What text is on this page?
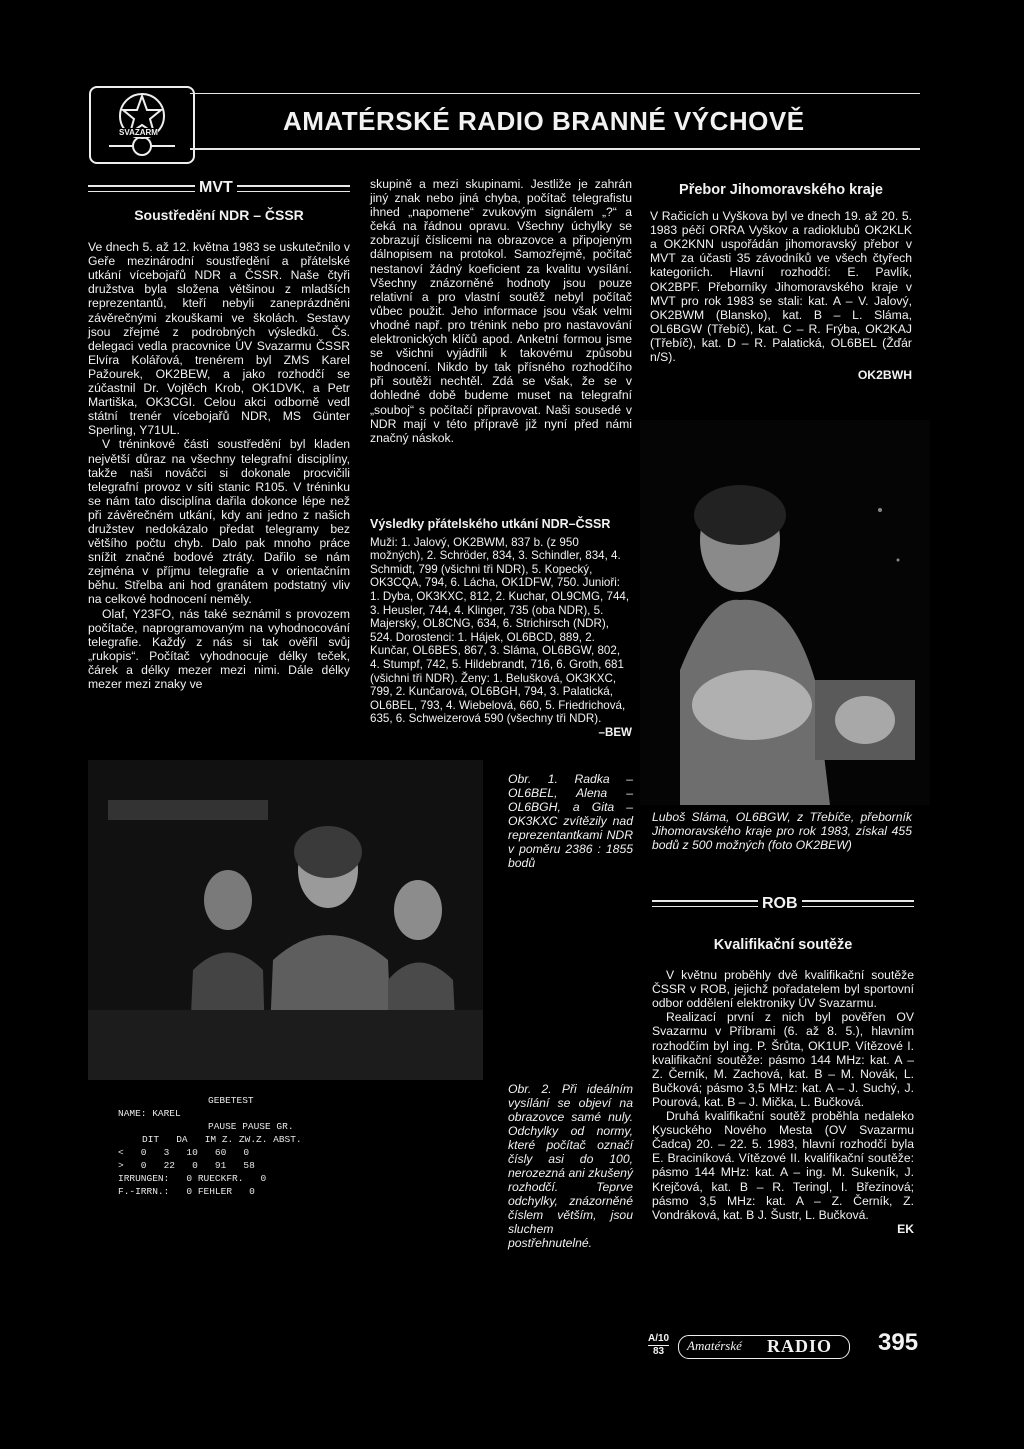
SVAZARM	AMATÉRSKÉ RADIO BRANNÉ VÝCHOVĚ
MVT

Soustředění NDR – ČSSR

Ve dnech 5. až 12. května 1983 se uskutečnilo v Geře mezinárodní soustředění a přátelské utkání vícebojařů NDR a ČSSR. Naše čtyři družstva byla složena většinou z mladších reprezentantů, kteří nebyli zaneprázdněni závěrečnými zkouškami ve školách. Sestavy jsou zřejmé z podrobných výsledků. Čs. delegaci vedla pracovnice ÚV Svazarmu ČSSR Elvíra Kolářová, trenérem byl ZMS Karel Pažourek, OK2BEW, a jako rozhodčí se zúčastnil Dr. Vojtěch Krob, OK1DVK, a Petr Martiška, OK3CGI. Celou akci odborně vedl státní trenér vícebojařů NDR, MS Günter Sperling, Y71UL.

V tréninkové části soustředění byl kladen největší důraz na všechny telegrafní disciplíny, takže naši nováčci si dokonale procvičili telegrafní provoz v síti stanic R105. V tréninku se nám tato disciplína dařila dokonce lépe než při závěrečném utkání, kdy ani jedno z našich družstev nedokázalo předat telegramy bez většího počtu chyb. Dalo pak mnoho práce snížit značné bodové ztráty. Dařilo se nám zejména v příjmu telegrafie a v orientačním běhu. Střelba ani hod granátem podstatný vliv na celkové hodnocení neměly.

Olaf, Y23FO, nás také seznámil s provozem počítače, naprogramovaným na vyhodnocování telegrafie. Každý z nás si tak ověřil svůj „rukopis“. Počítač vyhodnocuje délky teček, čárek a délky mezer mezi nimi. Dále délky mezer mezi znaky ve

skupině a mezi skupinami. Jestliže je zahrán jiný znak nebo jiná chyba, počítač telegrafistu ihned „napomene“ zvukovým signálem „?“ a čeká na řádnou opravu. Všechny úchylky se zobrazují číslicemi na obrazovce a připojeným dálnopisem na protokol. Samozřejmě, počítač nestanoví žádný koeficient za kvalitu vysílání. Všechny znázorněné hodnoty jsou pouze relativní a pro vlastní soutěž nebyl počítač vůbec použit. Jeho informace jsou však velmi vhodné např. pro trénink nebo pro nastavování elektronických klíčů apod. Anketní formou jsme se všichni vyjádřili k takovému způsobu hodnocení. Nikdo by tak přísného rozhodčího při soutěži nechtěl. Zdá se však, že se v dohledné době budeme muset na telegrafní „souboj“ s počítačí připravovat. Naši sousedé v NDR mají v této přípravě již nyní před námi značný náskok.

Výsledky přátelského utkání NDR–ČSSR

Muži: 1. Jalový, OK2BWM, 837 b. (z 950 možných), 2. Schröder, 834, 3. Schindler, 834, 4. Schmidt, 799 (všichni tři NDR), 5. Kopecký, OK3CQA, 794, 6. Lácha, OK1DFW, 750. Junioři: 1. Dyba, OK3KXC, 812, 2. Kuchar, OL9CMG, 744, 3. Heusler, 744, 4. Klinger, 735 (oba NDR), 5. Majerský, OL8CNG, 634, 6. Strichirsch (NDR), 524. Dorostenci: 1. Hájek, OL6BCD, 889, 2. Kunčar, OL6BES, 867, 3. Sláma, OL6BGW, 802, 4. Stumpf, 742, 5. Hildebrandt, 716, 6. Groth, 681 (všichni tři NDR). Ženy: 1. Belušková, OK3KXC, 799, 2. Kunčarová, OL6BGH, 794, 3. Palatická, OL6BEL, 793, 4. Wiebelová, 660, 5. Friedrichová, 635, 6. Schweizerová 590 (všechny tři NDR).

–BEW

Přebor Jihomoravského kraje

V Račicích u Vyškova byl ve dnech 19. až 20. 5. 1983 péčí ORRA Vyškov a radioklubů OK2KLK a OK2KNN uspořádán jihomoravský přebor v MVT za účasti 35 závodníků ve všech čtyřech kategoriích. Hlavní rozhodčí: E. Pavlík, OK2BPF. Přeborníky Jihomoravského kraje v MVT pro rok 1983 se stali: kat. A – V. Jalový, OK2BWM (Blansko), kat. B – L. Sláma, OL6BGW (Třebíč), kat. C – R. Frýba, OK2KAJ (Třebíč), kat. D – R. Palatická, OL6BEL (Žďár n/S).

OK2BWH

Luboš Sláma, OL6BGW, z Třebíče, přeborník Jihomoravského kraje pro rok 1983, získal 455 bodů z 500 možných (foto OK2BEW)
Obr. 1. Radka – OL6BEL, Alena – OL6BGH, a Gita – OK3KXC zvítězily nad reprezentantkami NDR v poměru 2386 : 1855 bodů
GEBETEST
NAME: KAREL
PAUSE PAUSE GR.
DIT   DA   IM Z. ZW.Z. ABST.
<   0   3   10   60   0
>   0   22   0   91   58
IRRUNGEN:   0 RUECKFR.   0
F.-IRRN.:   0 FEHLER   0
Obr. 2. Při ideálním vysílání se objeví na obrazovce samé nuly. Odchylky od normy, které počítač označí čísly asi do 100, nerozezná ani zkušený rozhodčí. Teprve odchylky, znázorněné číslem větším, jsou sluchem postřehnutelné.
ROB

Kvalifikační soutěže

V květnu proběhly dvě kvalifikační soutěže ČSSR v ROB, jejichž pořadatelem byl sportovní odbor oddělení elektroniky ÚV Svazarmu.

Realizací první z nich byl pověřen OV Svazarmu v Příbrami (6. až 8. 5.), hlavním rozhodčím byl ing. P. Šrůta, OK1UP. Vítězové I. kvalifikační soutěže: pásmo 144 MHz: kat. A – Z. Černík, M. Zachová, kat. B – M. Novák, L. Bučková; pásmo 3,5 MHz: kat. A – J. Suchý, J. Pourová, kat. B – J. Mička, L. Bučková.

Druhá kvalifikační soutěž proběhla nedaleko Kysuckého Nového Mesta (OV Svazarmu Čadca) 20. – 22. 5. 1983, hlavní rozhodčí byla E. Braciníková. Vítězové II. kvalifikační soutěže: pásmo 144 MHz: kat. A – ing. M. Sukeník, J. Krejčová, kat. B – R. Teringl, I. Březinová; pásmo 3,5 MHz: kat. A – Z. Černík, Z. Vondráková, kat. B J. Šustr, L. Bučková.

EK

A/10
83	Amatérské RADIO 395
